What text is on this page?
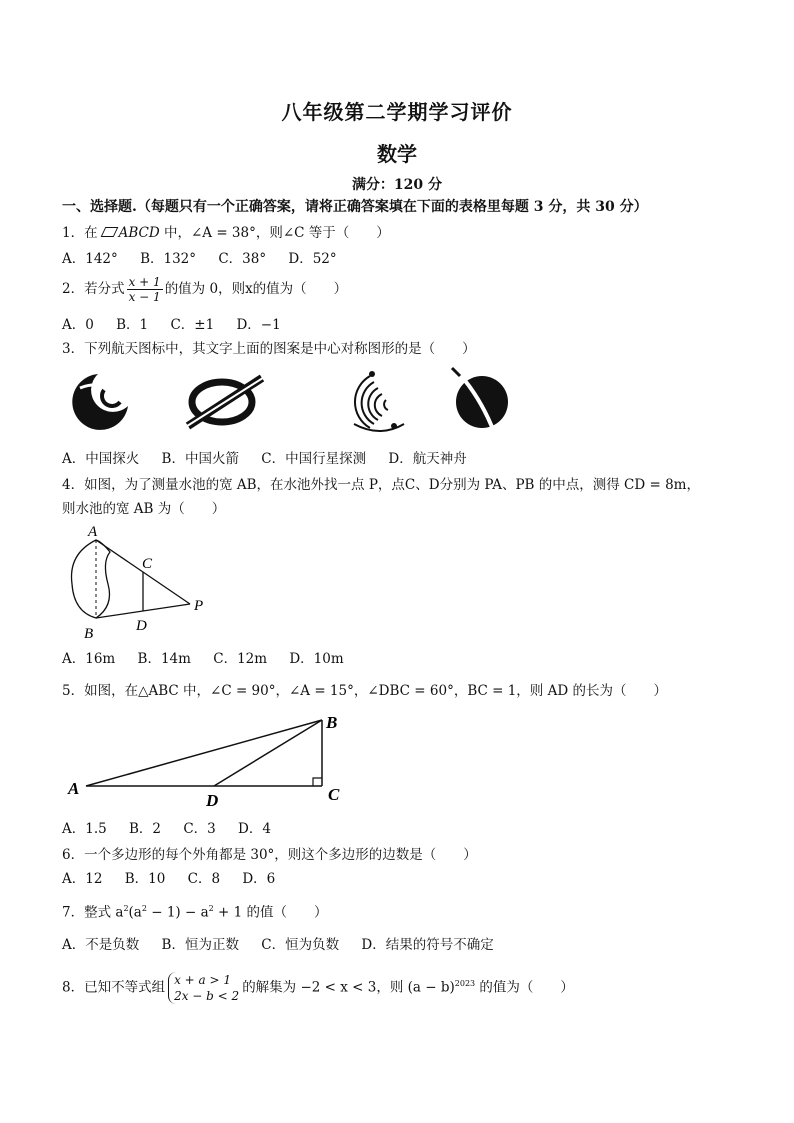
八年级第二学期学习评价
数学
满分：120 分
一、选择题.（每题只有一个正确答案，请将正确答案填在下面的表格里每题 3 分，共 30 分）
1．在 ABCD 中，∠A = 38°，则∠C 等于（　　）
A．142° B．132° C．38° D．52°
2．若分式 $\frac{x + 1}{x - 1}$ 的值为 0，则x的值为（　　）
A．0 B．1 C．±1 D．−1
3．下列航天图标中，其文字上面的图案是中心对称图形的是（　　）
A．中国探火 B．中国火箭 C．中国行星探测 D．航天神舟
4．如图，为了测量水池的宽 AB，在水池外找一点 P，点C、D分别为 PA、PB 的中点，测得 CD = 8m，
则水池的宽 AB 为（　　）
A
B
C
D
P
A．16m B．14m C．12m D．10m
5．如图，在△ABC 中，∠C = 90°，∠A = 15°，∠DBC = 60°，BC = 1，则 AD 的长为（　　）
A
B
C
D
A．1.5 B．2 C．3 D．4
6．一个多边形的每个外角都是 30°，则这个多边形的边数是（　　）
A．12 B．10 C．8 D．6
7．整式 $a^2(a^2 - 1) - a^2 + 1$ 的值（　　）
A．不是负数 B．恒为正数 C．恒为负数 D．结果的符号不确定
8．已知不等式组 x + a > 1
2x − b < 2
的解集为 −2 < x < 3，则 $(a - b)^{2023}$ 的值为（　　）
